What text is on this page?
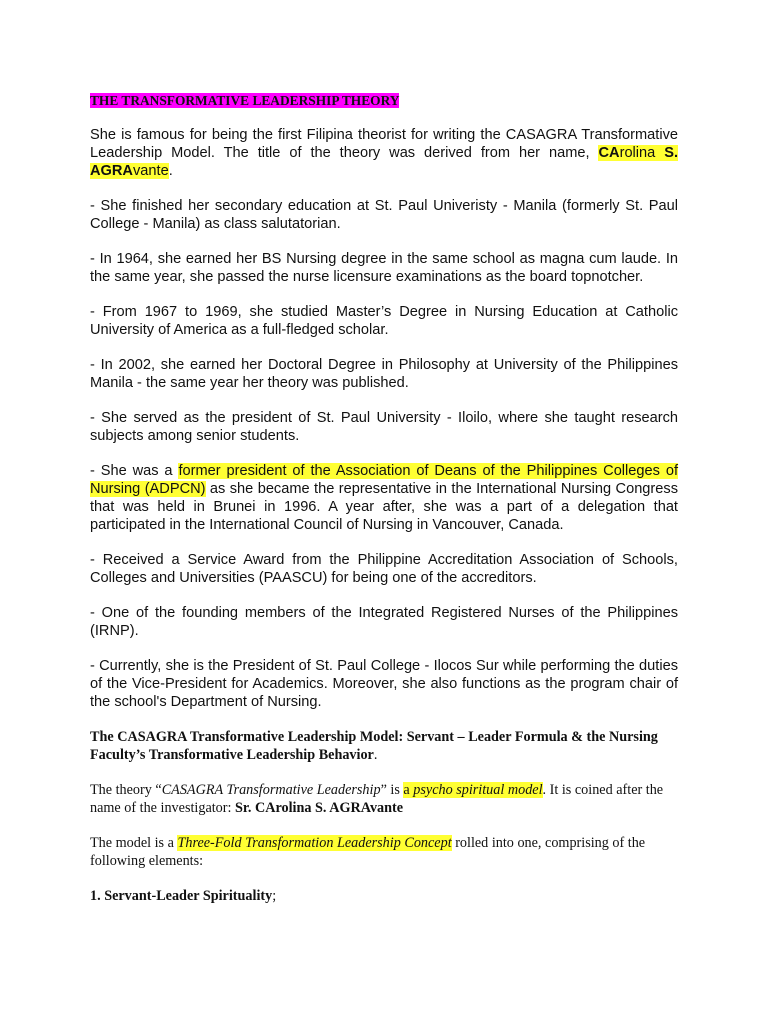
THE TRANSFORMATIVE LEADERSHIP THEORY

She is famous for being the first Filipina theorist for writing the CASAGRA Transformative Leadership Model. The title of the theory was derived from her name, CArolina S. AGRAvante.

- She finished her secondary education at St. Paul Univeristy - Manila (formerly St. Paul College - Manila) as class salutatorian.

- In 1964, she earned her BS Nursing degree in the same school as magna cum laude. In the same year, she passed the nurse licensure examinations as the board topnotcher.

- From 1967 to 1969, she studied Master’s Degree in Nursing Education at Catholic University of America as a full-fledged scholar.

- In 2002, she earned her Doctoral Degree in Philosophy at University of the Philippines Manila - the same year her theory was published.

- She served as the president of St. Paul University - Iloilo, where she taught research subjects among senior students.

- She was a former president of the Association of Deans of the Philippines Colleges of Nursing (ADPCN) as she became the representative in the International Nursing Congress that was held in Brunei in 1996. A year after, she was a part of a delegation that participated in the International Council of Nursing in Vancouver, Canada.

- Received a Service Award from the Philippine Accreditation Association of Schools, Colleges and Universities (PAASCU) for being one of the accreditors.

- One of the founding members of the Integrated Registered Nurses of the Philippines (IRNP).

- Currently, she is the President of St. Paul College - Ilocos Sur while performing the duties of the Vice-President for Academics. Moreover, she also functions as the program chair of the school's Department of Nursing.

The CASAGRA Transformative Leadership Model: Servant – Leader Formula & the Nursing Faculty’s Transformative Leadership Behavior.

The theory “CASAGRA Transformative Leadership” is a psycho spiritual model. It is coined after the name of the investigator: Sr. CArolina S. AGRAvante

The model is a Three-Fold Transformation Leadership Concept rolled into one, comprising of the following elements:

1. Servant-Leader Spirituality;
